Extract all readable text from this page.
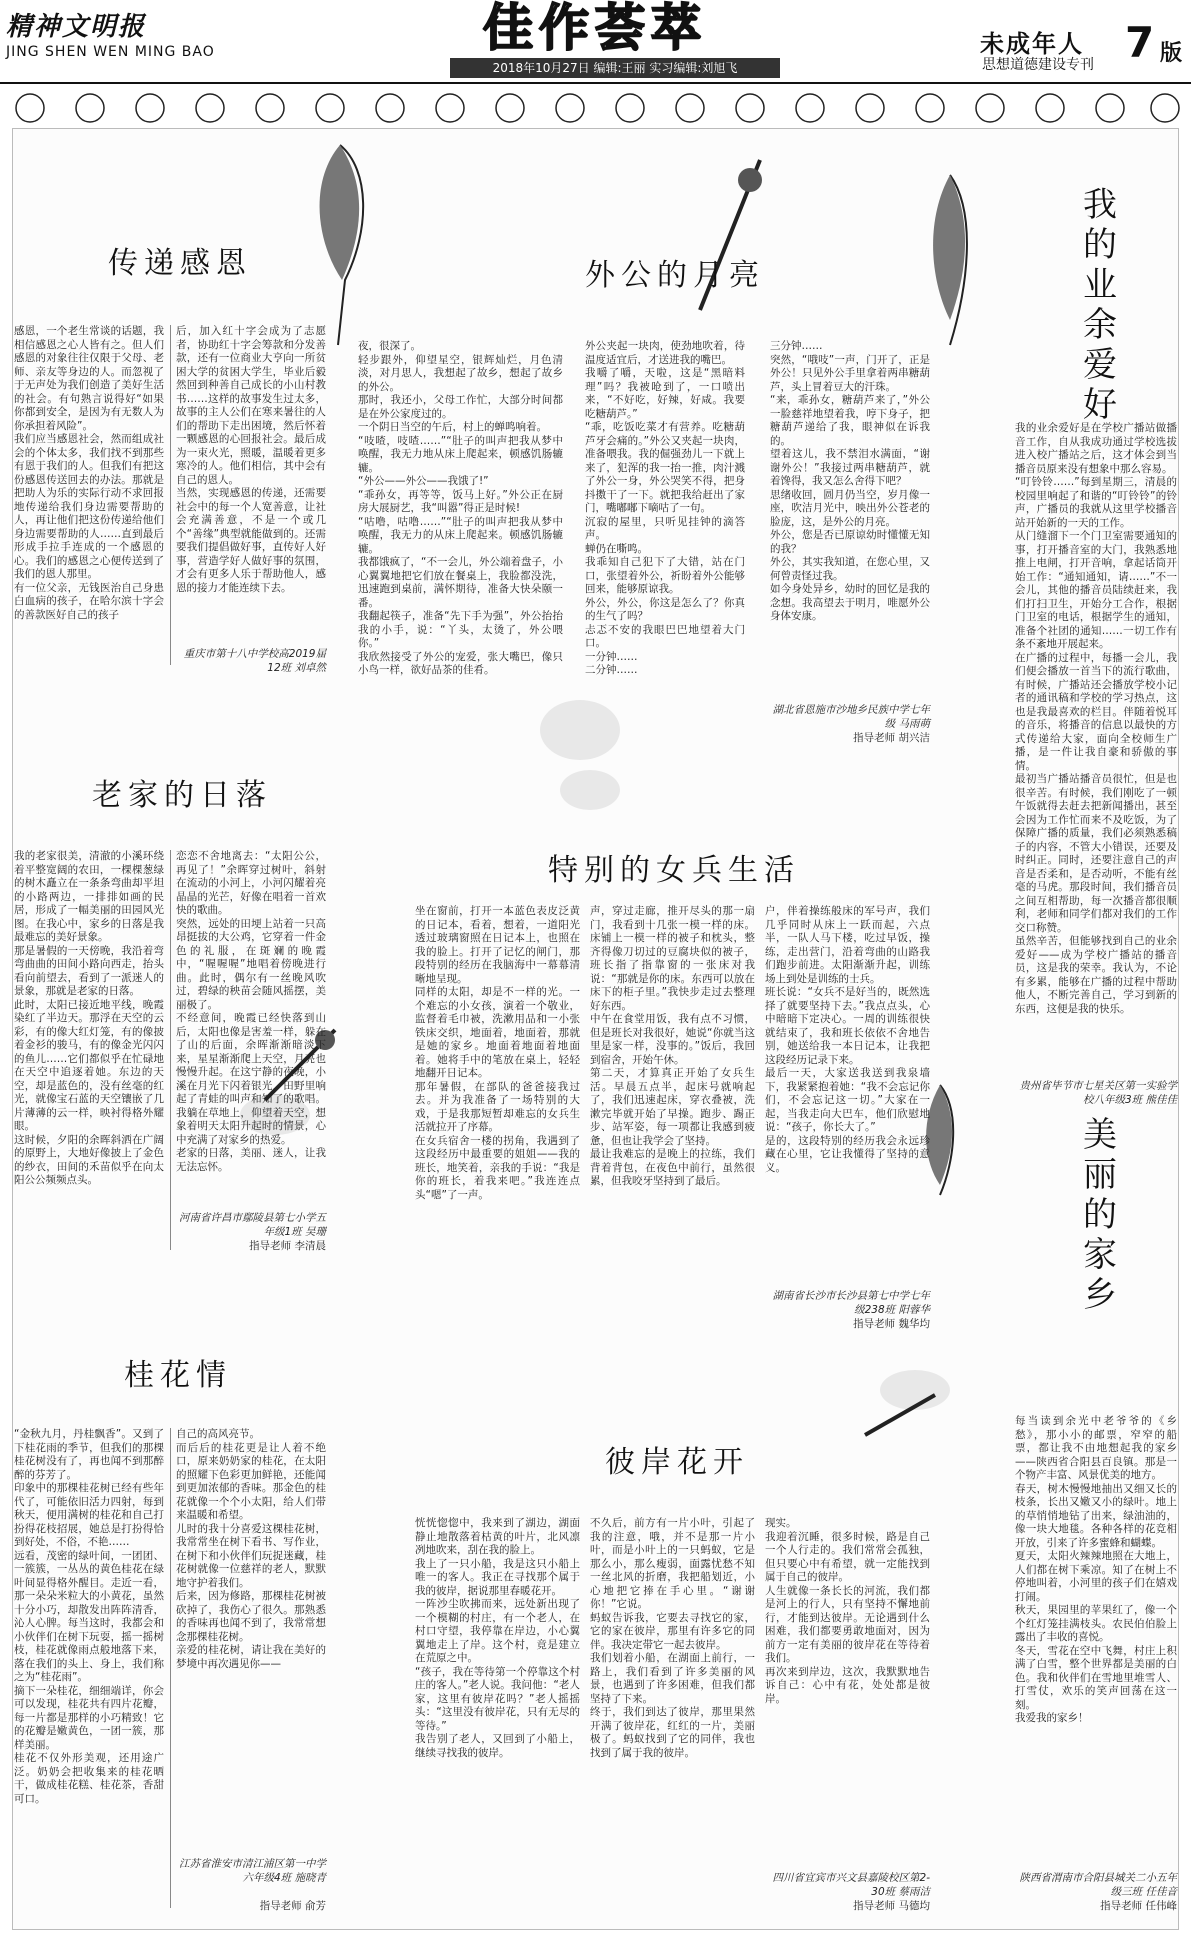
精神文明报
JING SHEN WEN MING BAO	佳作荟萃
2018年10月27日 编辑:王丽 实习编辑:刘旭飞
未成年人 7 版
思想道德建设专刊
传递感恩
感恩，一个老生常谈的话题，我相信感恩之心人皆有之。但人们感恩的对象往往仅限于父母、老师、亲友等身边的人。而忽视了于无声处为我们创造了美好生活的社会。有句熟言说得好“如果你都到安全，是因为有无数人为你承担着风险”。
我们应当感恩社会，然而组成社会的个体太多，我们找不到那些有恩于我们的人。但我们有把这份感恩传送回去的办法。那就是把助人为乐的实际行动不求回报地传递给我们身边需要帮助的人，再让他们把这份传递给他们身边需要帮助的人……直到最后形成手拉手连成的一个感恩的心。我们的感恩之心便传送到了我们的恩人那里。
有一位父亲，无钱医治自己身患白血病的孩子，在哈尔滨十字会的善款医好自己的孩子
后，加入红十字会成为了志愿者，协助红十字会筹款和分发善款，还有一位商业大亨向一所贫困大学的贫困大学生，毕业后毅然回到种善自己成长的小山村教书……这样的故事发生过太多，故事的主人公们在寒来暑往的人们的帮助下走出困境，然后怀着一颗感恩的心回报社会。最后成为一束火光，照暖，温暖着更多寒冷的人。他们相信，其中会有自己的恩人。
当然，实现感恩的传递，还需要社会中的每一个人宽善意，让社会充满善意，不是一个或几个“善缘”典型就能做到的。还需要我们提倡做好事，直传好人好事，营造学好人做好事的氛围，才会有更多人乐于帮助他人，感恩的接力才能连续下去。
重庆市第十八中学校高2019届12班 刘卓然
外公的月亮
夜，很深了。
轻步跟外，仰望星空，银辉灿烂，月色清淡，对月思人，我想起了故乡，想起了故乡的外公。
那时，我还小，父母工作忙，大部分时间都是在外公家度过的。
一个阴日当空的午后，村上的蝉鸣响着。
“吱喳，吱喳……”“肚子的叫声把我从梦中唤醒，我无力地从床上爬起来，顿感饥肠辘辘。
“外公——外公——我饿了!”
“乖孙女，再等等，饭马上好。”外公正在厨房大展厨艺，我“叫嚣”得正是时候!
“咕噜，咕噜……”“肚子的叫声把我从梦中唤醒，我无力的从床上爬起来。顿感饥肠辘辘。
我都饿疯了，“不一会儿，外公端着盘子，小心翼翼地把它们放在餐桌上，我脸都没洗，迅速跑到桌前，满怀期待，准备大快朵颐一番。
我翻起筷子，准备“先下手为强”，外公抬抬我的小手，说：“丫头，太烫了，外公喂你。”
我欣然接受了外公的宠爱，张大嘴巴，像只小鸟一样，欲好品茶的佳肴。
外公夹起一块肉，使劲地吹着，待温度适宜后，才送进我的嘴巴。
我嚼了嚼，天啦，这是“黑暗料理”吗？我被呛到了，一口喷出来，“不好吃，好辣，好咸。我要吃糖葫芦。”
“乖，吃饭吃菜才有营养。吃糖葫芦牙会痛的。”外公又夹起一块肉，准备喂我。我的倔强劲儿一下就上来了，犯浑的我一抬一推，肉汁溅了外公一身，外公哭笑不得，把身抖擞干了一下。就把我给赶出了家门，嘴嘟嘟下嘀咕了一句。
沉寂的屋里，只听见挂钟的滴答声。
蝉仍在嘶鸣。
我乖知自己犯下了大错，站在门口，张望着外公，祈盼着外公能够回来，能够原谅我。
外公，外公，你这是怎么了？你真的生气了吗？
忐忑不安的我眼巴巴地望着大门口。
一分钟……
二分钟……
三分钟……
突然，“哦吱”一声，门开了，正是外公！只见外公手里拿着两串糖葫芦，头上冒着豆大的汗珠。
“来，乖孙女，糖葫芦来了，”外公一脸慈祥地望着我，哼下身子，把糖葫芦递给了我，眼神似在诉我的。
望着这儿，我不禁泪水满面，“谢谢外公！”我接过两串糖葫芦，就着馋得，我又怎么舍得下吧？
思绪收回，圆月仍当空，岁月像一座，吹洁月光中，映出外公苍老的脸庞，这，是外公的月亮。
外公，您是否已原谅幼时懂懂无知的我？
外公，其实我知道，在您心里，又何曾责怪过我。
如今身处异乡，幼时的回忆是我的念想。我高望去于明月，唯愿外公身体安康。
湖北省恩施市沙地乡民族中学七年级 马雨萌
指导老师 胡兴洁
我的业余爱好
我的业余爱好是在学校广播站做播音工作，自从我成功通过学校选拔进入校广播站之后，这才体会到当播音员原来没有想象中那么容易。
“叮铃铃……”每到星期三，清晨的校园里响起了和谐的“叮铃铃”的铃声，广播员的我就从这里学校播音站开始新的一天的工作。
从门缝溜下一个门卫室需要通知的事，打开播音室的大门，我熟悉地推上电闸，打开音响，拿起话筒开始工作：“通知通知，请……”不一会儿，其他的播音员陆续赶来，我们打扫卫生，开始分工合作，根据门卫室的电话，根据学生的通知，准备个社团的通知……一切工作有条不紊地开展起来。
在广播的过程中，每播一会儿，我们便会播放一首当下的流行歌曲，有时候，广播站还会播放学校小记者的通讯稿和学校的学习热点，这也是我最喜欢的栏目。伴随着悦耳的音乐，将播音的信息以最快的方式传递给大家，面向全校师生广播，是一件让我自豪和骄傲的事情。
最初当广播站播音员很忙，但是也很辛苦。有时候，我们刚吃了一顿午饭就得去赶去把新闻播出，甚至会因为工作忙而来不及吃饭，为了保障广播的质量，我们必须熟悉稿子的内容，不管大小错误，还要及时纠正。同时，还要注意自己的声音是否柔和，是否动听，不能有丝毫的马虎。那段时间，我们播音员之间互相帮助，每一次播音都很顺利，老师和同学们都对我们的工作交口称赞。
虽然辛苦，但能够找到自己的业余爱好——成为学校广播站的播音员，这是我的荣幸。我认为，不论有多累，能够在广播的过程中帮助他人，不断完善自己，学习到新的东西，这便是我的快乐。
贵州省毕节市七星关区第一实验学校八年级3班 熊佳佳
老家的日落
我的老家很美，清澈的小溪环绕着平整宽阔的农田，一棵棵葱绿的树木矗立在一条条弯曲却平坦的小路两边，一排排如画的民居，形成了一幅美丽的田园风光图。在我心中，家乡的日落是我最难忘的美好景象。
那是暑假的一天傍晚，我沿着弯弯曲曲的田间小路向西走，抬头看向前望去，看到了一派迷人的景象，那就是老家的日落。
此时，太阳已接近地平线，晚霞染红了半边天。那浮在天空的云彩，有的像大红灯笼，有的像披着金衫的骏马，有的像金光闪闪的鱼儿……它们都似乎在忙碌地在天空中追逐着她。东边的天空，却是蓝色的，没有丝毫的红光，就像宝石蓝的天空镶嵌了几片薄薄的云一样，映衬得格外耀眼。
这时候，夕阳的余晖斜洒在广阔的原野上，大地好像披上了金色的纱衣，田间的禾苗似乎在向太阳公公频频点头。
恋恋不舍地离去：“太阳公公，再见了！”余晖穿过树叶，斜射在流动的小河上，小河闪耀着亮晶晶的光芒，好像在唱着一首欢快的歌曲。
突然，远处的田埂上站着一只高昂挺拔的大公鸡，它穿着一件金色的礼服，在斑斓的晚霞中，“喔喔喔”地唱着傍晚进行曲。此时，偶尔有一丝晚风吹过，碧绿的秧苗会随风摇摆，美丽极了。
不经意间，晚霞已经快落到山后，太阳也像是害羞一样，躲在了山的后面，余晖渐渐暗淡下来，星星渐渐爬上天空，月亮也慢慢升起。在这宁静的夜晚，小溪在月光下闪着银光，田野里响起了青蛙的叫声和知了的歌唱。我躺在草地上，仰望着天空，想象着明天太阳升起时的情景，心中充满了对家乡的热爱。
老家的日落，美丽、迷人，让我无法忘怀。
河南省许昌市鄢陵县第七小学五年级1班 吴珊
指导老师 李清晨
特别的女兵生活
坐在窗前，打开一本蓝色表皮泛黄的日记本，看着，想着，一道阳光透过玻璃窗照在日记本上，也照在我的脸上。打开了记忆的闸门，那段特别的经历在我脑海中一幕幕清晰地呈现。
同样的太阳，却是不一样的光。一个难忘的小女孩，演着一个敬业，监督着毛巾被，洗漱用品和一小张铁床交织，地面着，地面着，那就是她的家乡。地面着地面着地面着。她将手中的笔放在桌上，轻轻地翻开日记本。
那年暑假，在部队的爸爸接我过去。并为我准备了一场特别的大戏，于是我那短暂却难忘的女兵生活就拉开了序幕。
在女兵宿舍一楼的拐角，我遇到了这段经历中最重要的姐姐——我的班长，地笑着，亲我的手说：“我是你的班长，着我来吧。”我连连点头“嗯”了一声。
声，穿过走廊，推开尽头的那一扇门，我看到十几张一模一样的床。床铺上一模一样的被子和枕头，整齐得像刀切过的豆腐块似的被子，班长指了指靠窗的一张床对我说：“那就是你的床。东西可以放在床下的柜子里。”我快步走过去整理好东西。
中午在食堂用饭，我有点不习惯，但是班长对我很好，她说“你就当这里是家一样，没事的。”饭后，我回到宿舍，开始午休。
第二天，才算真正开始了女兵生活。早晨五点半，起床号就响起了，我们迅速起床，穿衣叠被，洗漱完毕就开始了早操。跑步、踢正步、站军姿，每一项都让我感到疲惫，但也让我学会了坚持。
最让我难忘的是晚上的拉练，我们背着背包，在夜色中前行，虽然很累，但我咬牙坚持到了最后。
户，伴着操练般床的军号声，我们几乎同时从床上一跃而起，六点半，一队人马下楼，吃过早饭，操练，走出营门，沿着弯曲的山路我们跑步前进。太阳渐渐升起，训练场上到处是训练的士兵。
班长说：“女兵不是好当的，既然选择了就要坚持下去。”我点点头，心中暗暗下定决心。一周的训练很快就结束了，我和班长依依不舍地告别，她送给我一本日记本，让我把这段经历记录下来。
最后一天，大家送我送到我泉墙下，我紧紧抱着她：“我不会忘记你们，不会忘记这一切。”大家在一起，当我走向大巴车，他们欣慰地说：“孩子，你长大了。”
是的，这段特别的经历我会永远珍藏在心里，它让我懂得了坚持的意义。
湖南省长沙市长沙县第七中学七年级238班 阳蓉华
指导老师 魏华均
美丽的家乡
每当读到余光中老爷爷的《乡愁》，那小小的邮票，窄窄的船票，都让我不由地想起我的家乡——陕西省合阳县百良镇。那是一个物产丰富、风景优美的地方。
春天，树木慢慢地抽出又细又长的枝条，长出又嫩又小的绿叶。地上的草悄悄地钻了出来，绿油油的，像一块大地毯。各种各样的花竞相开放，引来了许多蜜蜂和蝴蝶。
夏天，太阳火辣辣地照在大地上，人们都在树下乘凉。知了在树上不停地叫着，小河里的孩子们在嬉戏打闹。
秋天，果园里的苹果红了，像一个个红灯笼挂满枝头。农民伯伯脸上露出了丰收的喜悦。
冬天，雪花在空中飞舞，村庄上积满了白雪，整个世界都是美丽的白色。我和伙伴们在雪地里堆雪人、打雪仗，欢乐的笑声回荡在这一刻。
我爱我的家乡！
陕西省渭南市合阳县城关二小五年级三班 任佳音
指导老师 任伟峰
桂花情
“金秋九月，丹桂飘香”。又到了下桂花雨的季节，但我们的那棵桂花树没有了，再也闻不到那醉醉的芬芳了。
印象中的那棵桂花树已经有些年代了，可能依旧活力四射，每到秋天，便用满树的桂花和自己打扮得花枝招展，她总是打扮得恰到好处，不俗，不艳……
远看，茂密的绿叶间，一团团、一簇簇，一丛丛的黄色桂花在绿叶间显得格外醒目。走近一看，那一朵朵米粒大的小黄花，虽然十分小巧，却散发出阵阵清香，沁人心脾。每当这时，我都会和小伙伴们在树下玩耍，摇一摇树枝，桂花就像雨点般地落下来，落在我们的头上、身上，我们称之为“桂花雨”。
摘下一朵桂花，细细端详，你会可以发现，桂花共有四片花瓣，每一片都是那样的小巧精致！它的花瓣是嫩黄色，一团一簇，那样美丽。
桂花不仅外形美观，还用途广泛。奶奶会把收集来的桂花晒干，做成桂花糕、桂花茶，香甜可口。
自己的高风亮节。
而后后的桂花更是让人着不绝口，原来奶奶家的桂花，在太阳的照耀下色彩更加鲜艳，还能闻到更加浓郁的香味。那金色的桂花就像一个个小太阳，给人们带来温暖和希望。
儿时的我十分喜爱这棵桂花树，我常常坐在树下看书、写作业，在树下和小伙伴们玩捉迷藏，桂花树就像一位慈祥的老人，默默地守护着我们。
后来，因为修路，那棵桂花树被砍掉了，我伤心了很久。那熟悉的香味再也闻不到了，我常常想念那棵桂花树。
亲爱的桂花树，请让我在美好的梦境中再次遇见你——
江苏省淮安市清江浦区第一中学六年级4班 施晓青
指导老师 俞芳
彼岸花开
恍恍惚惚中，我来到了湖边，湖面静止地散落着枯黄的叶片，北风凛冽地吹来，刮在我的脸上。
我上了一只小船，我是这只小船上唯一的客人。我正在寻找那个属于我的彼岸，据说那里春暖花开。
一阵沙尘吹拂而来，远处新出现了一个模糊的村庄，有一个老人，在村口守望，我停靠在岸边，小心翼翼地走上了岸。这个村，竟是建立在荒原之中。
“孩子，我在等待第一个停靠这个村庄的客人。”老人说。我问他：“老人家，这里有彼岸花吗？”老人摇摇头：“这里没有彼岸花，只有无尽的等待。”
我告别了老人，又回到了小船上，继续寻找我的彼岸。
不久后，前方有一片小叶，引起了我的注意，哦，并不是那一片小叶，而是小叶上的一只蚂蚁，它是那么小，那么瘦弱，面露忧愁不知一丝北风的折磨，我把船划近，小心地把它捧在手心里。“谢谢你！”它说。
蚂蚁告诉我，它要去寻找它的家，它的家在彼岸，那里有许多它的同伴。我决定带它一起去彼岸。
我们划着小船，在湖面上前行，一路上，我们看到了许多美丽的风景，也遇到了许多困难，但我们都坚持了下来。
终于，我们到达了彼岸，那里果然开满了彼岸花，红红的一片，美丽极了。蚂蚁找到了它的同伴，我也找到了属于我的彼岸。
现实。
我迎着沉睡，很多时候，路是自己一个人行走的。我们常常会孤独，但只要心中有希望，就一定能找到属于自己的彼岸。
人生就像一条长长的河流，我们都是河上的行人，只有坚持不懈地前行，才能到达彼岸。无论遇到什么困难，我们都要勇敢地面对，因为前方一定有美丽的彼岸花在等待着我们。
再次来到岸边，这次，我默默地告诉自己：心中有花，处处都是彼岸。
四川省宜宾市兴文县嘉陵校区第2-30班 蔡雨洁
指导老师 马德均
